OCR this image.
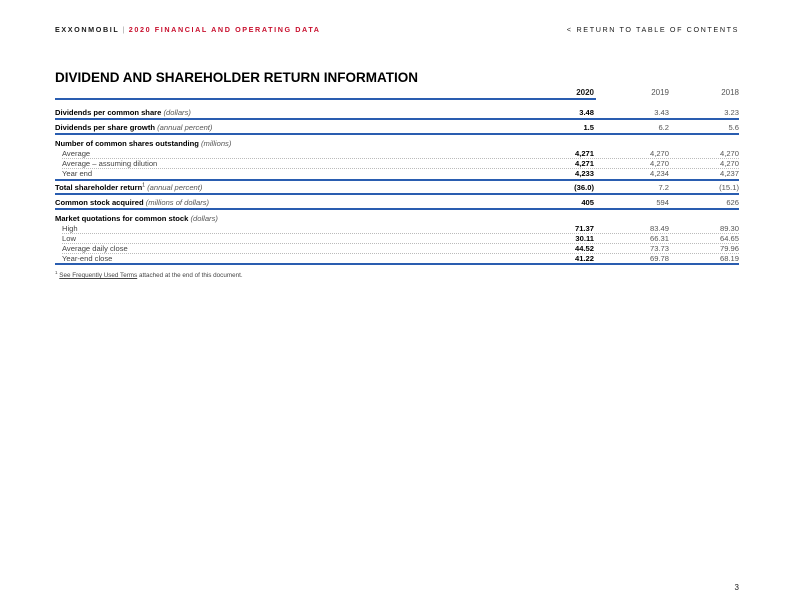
EXXONMOBIL | 2020 FINANCIAL AND OPERATING DATA	< RETURN TO TABLE OF CONTENTS
DIVIDEND AND SHAREHOLDER RETURN INFORMATION
2020	2019	2018
Dividends per common share (dollars)	3.48	3.43	3.23
Dividends per share growth (annual percent)	1.5	6.2	5.6
Number of common shares outstanding (millions)
Average	4,271	4,270	4,270
Average – assuming dilution	4,271	4,270	4,270
Year end	4,233	4,234	4,237
Total shareholder return$^1$ (annual percent)	(36.0)	7.2	(15.1)
Common stock acquired (millions of dollars)	405	594	626
Market quotations for common stock (dollars)
High	71.37	83.49	89.30
Low	30.11	66.31	64.65
Average daily close	44.52	73.73	79.96
Year-end close	41.22	69.78	68.19
$^1$ See Frequently Used Terms attached at the end of this document.
3
